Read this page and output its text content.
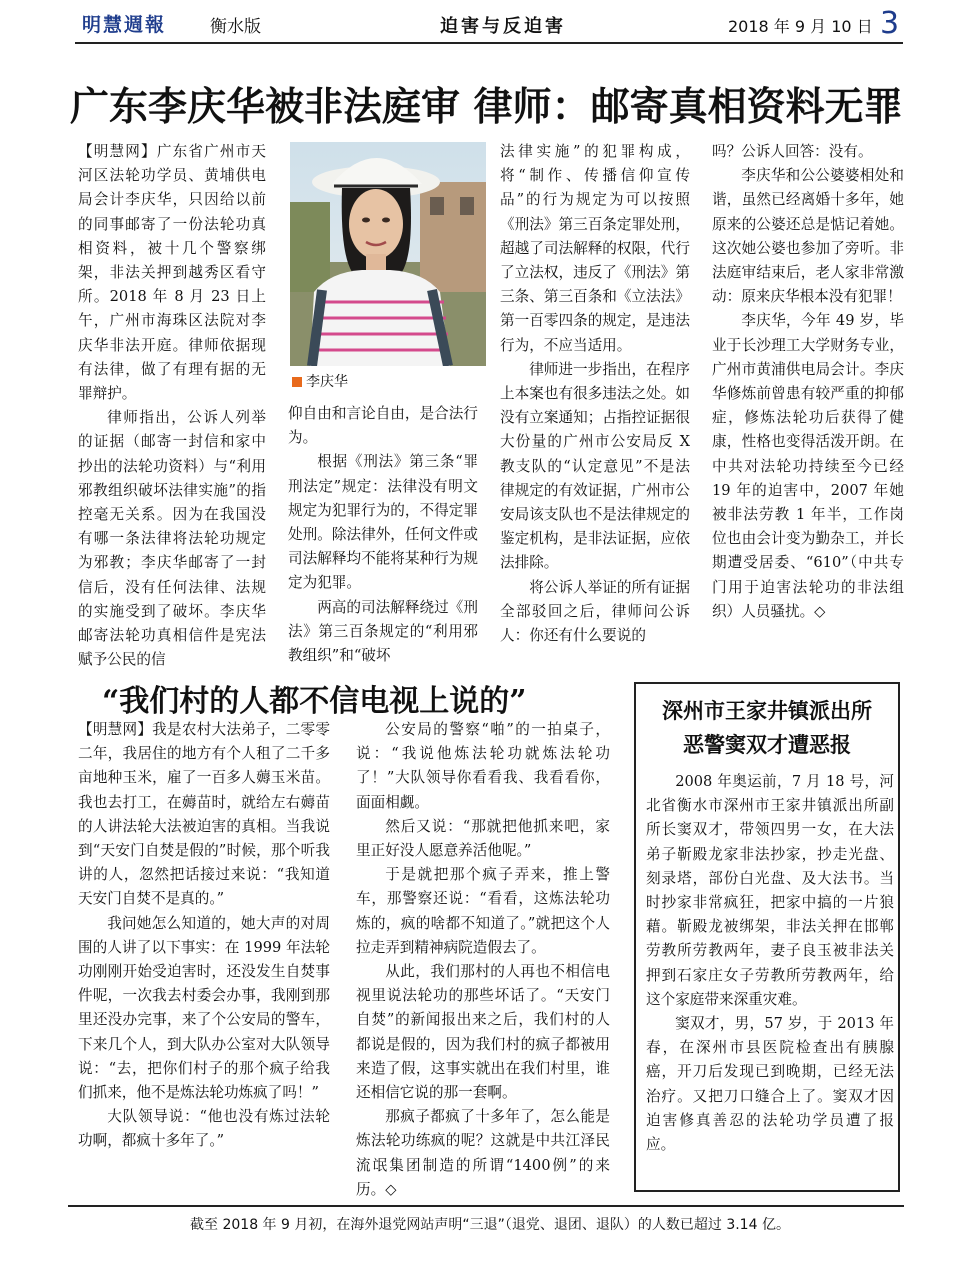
明慧週報	衡水版	迫害与反迫害	2018 年 9 月 10 日 3
广东李庆华被非法庭审 律师：邮寄真相资料无罪

【明慧网】广东省广州市天河区法轮功学员、黄埔供电局会计李庆华，只因给以前的同事邮寄了一份法轮功真相资料，被十几个警察绑架，非法关押到越秀区看守所。2018 年 8 月 23 日上午，广州市海珠区法院对李庆华非法开庭。律师依据现有法律，做了有理有据的无罪辩护。

律师指出，公诉人列举的证据（邮寄一封信和家中抄出的法轮功资料）与“利用邪教组织破坏法律实施”的指控毫无关系。因为在我国没有哪一条法律将法轮功规定为邪教；李庆华邮寄了一封信后，没有任何法律、法规的实施受到了破坏。李庆华邮寄法轮功真相信件是宪法赋予公民的信

李庆华

仰自由和言论自由，是合法行为。

根据《刑法》第三条“罪刑法定”规定：法律没有明文规定为犯罪行为的，不得定罪处刑。除法律外，任何文件或司法解释均不能将某种行为规定为犯罪。

两高的司法解释绕过《刑法》第三百条规定的“利用邪教组织”和“破坏

法律实施”的犯罪构成，将“制作、传播信仰宣传品”的行为规定为可以按照《刑法》第三百条定罪处刑，超越了司法解释的权限，代行了立法权，违反了《刑法》第三条、第三百条和《立法法》第一百零四条的规定，是违法行为，不应当适用。

律师进一步指出，在程序上本案也有很多违法之处。如没有立案通知；占指控证据很大份量的广州市公安局反 X 教支队的“认定意见”不是法律规定的有效证据，广州市公安局该支队也不是法律规定的鉴定机构，是非法证据，应依法排除。

将公诉人举证的所有证据全部驳回之后，律师问公诉人：你还有什么要说的

吗？公诉人回答：没有。

李庆华和公公婆婆相处和谐，虽然已经离婚十多年，她原来的公婆还总是惦记着她。这次她公婆也参加了旁听。非法庭审结束后，老人家非常激动：原来庆华根本没有犯罪！

李庆华，今年 49 岁，毕业于长沙理工大学财务专业，广州市黄浦供电局会计。李庆华修炼前曾患有较严重的抑郁症，修炼法轮功后获得了健康，性格也变得活泼开朗。在中共对法轮功持续至今已经 19 年的迫害中，2007 年她被非法劳教 1 年半，工作岗位也由会计变为勤杂工，并长期遭受居委、“610”（中共专门用于迫害法轮功的非法组织）人员骚扰。◇

“我们村的人都不信电视上说的”

【明慧网】我是农村大法弟子，二零零二年，我居住的地方有个人租了二千多亩地种玉米，雇了一百多人薅玉米苗。我也去打工，在薅苗时，就给左右薅苗的人讲法轮大法被迫害的真相。当我说到“天安门自焚是假的”时候，那个听我讲的人，忽然把话接过来说：“我知道天安门自焚不是真的。”

我问她怎么知道的，她大声的对周围的人讲了以下事实：在 1999 年法轮功刚刚开始受迫害时，还没发生自焚事件呢，一次我去村委会办事，我刚到那里还没办完事，来了个公安局的警车，下来几个人，到大队办公室对大队领导说：“去，把你们村子的那个疯子给我们抓来，他不是炼法轮功炼疯了吗！”

大队领导说：“他也没有炼过法轮功啊，都疯十多年了。”

公安局的警察“啪”的一拍桌子，说：“我说他炼法轮功就炼法轮功了！”大队领导你看看我、我看看你，面面相觑。

然后又说：“那就把他抓来吧，家里正好没人愿意养活他呢。”

于是就把那个疯子弄来，推上警车，那警察还说：“看看，这炼法轮功炼的，疯的啥都不知道了。”就把这个人拉走弄到精神病院造假去了。

从此，我们那村的人再也不相信电视里说法轮功的那些坏话了。“天安门自焚”的新闻报出来之后，我们村的人都说是假的，因为我们村的疯子都被用来造了假，这事实就出在我们村里，谁还相信它说的那一套啊。

那疯子都疯了十多年了，怎么能是炼法轮功练疯的呢？这就是中共江泽民流氓集团制造的所谓“1400例”的来历。◇

深州市王家井镇派出所
恶警窦双才遭恶报

2008 年奥运前，7 月 18 号，河北省衡水市深州市王家井镇派出所副所长窦双才，带领四男一女，在大法弟子靳殿龙家非法抄家，抄走光盘、刻录塔，部份白光盘、及大法书。当时抄家非常疯狂，把家中搞的一片狼藉。靳殿龙被绑架，非法关押在邯郸劳教所劳教两年，妻子良玉被非法关押到石家庄女子劳教所劳教两年，给这个家庭带来深重灾难。

窦双才，男，57 岁，于 2013 年春，在深州市县医院检查出有胰腺癌，开刀后发现已到晚期，已经无法治疗。又把刀口缝合上了。窦双才因迫害修真善忍的法轮功学员遭了报应。

截至 2018 年 9 月初，在海外退党网站声明“三退”（退党、退团、退队）的人数已超过 3.14 亿。
